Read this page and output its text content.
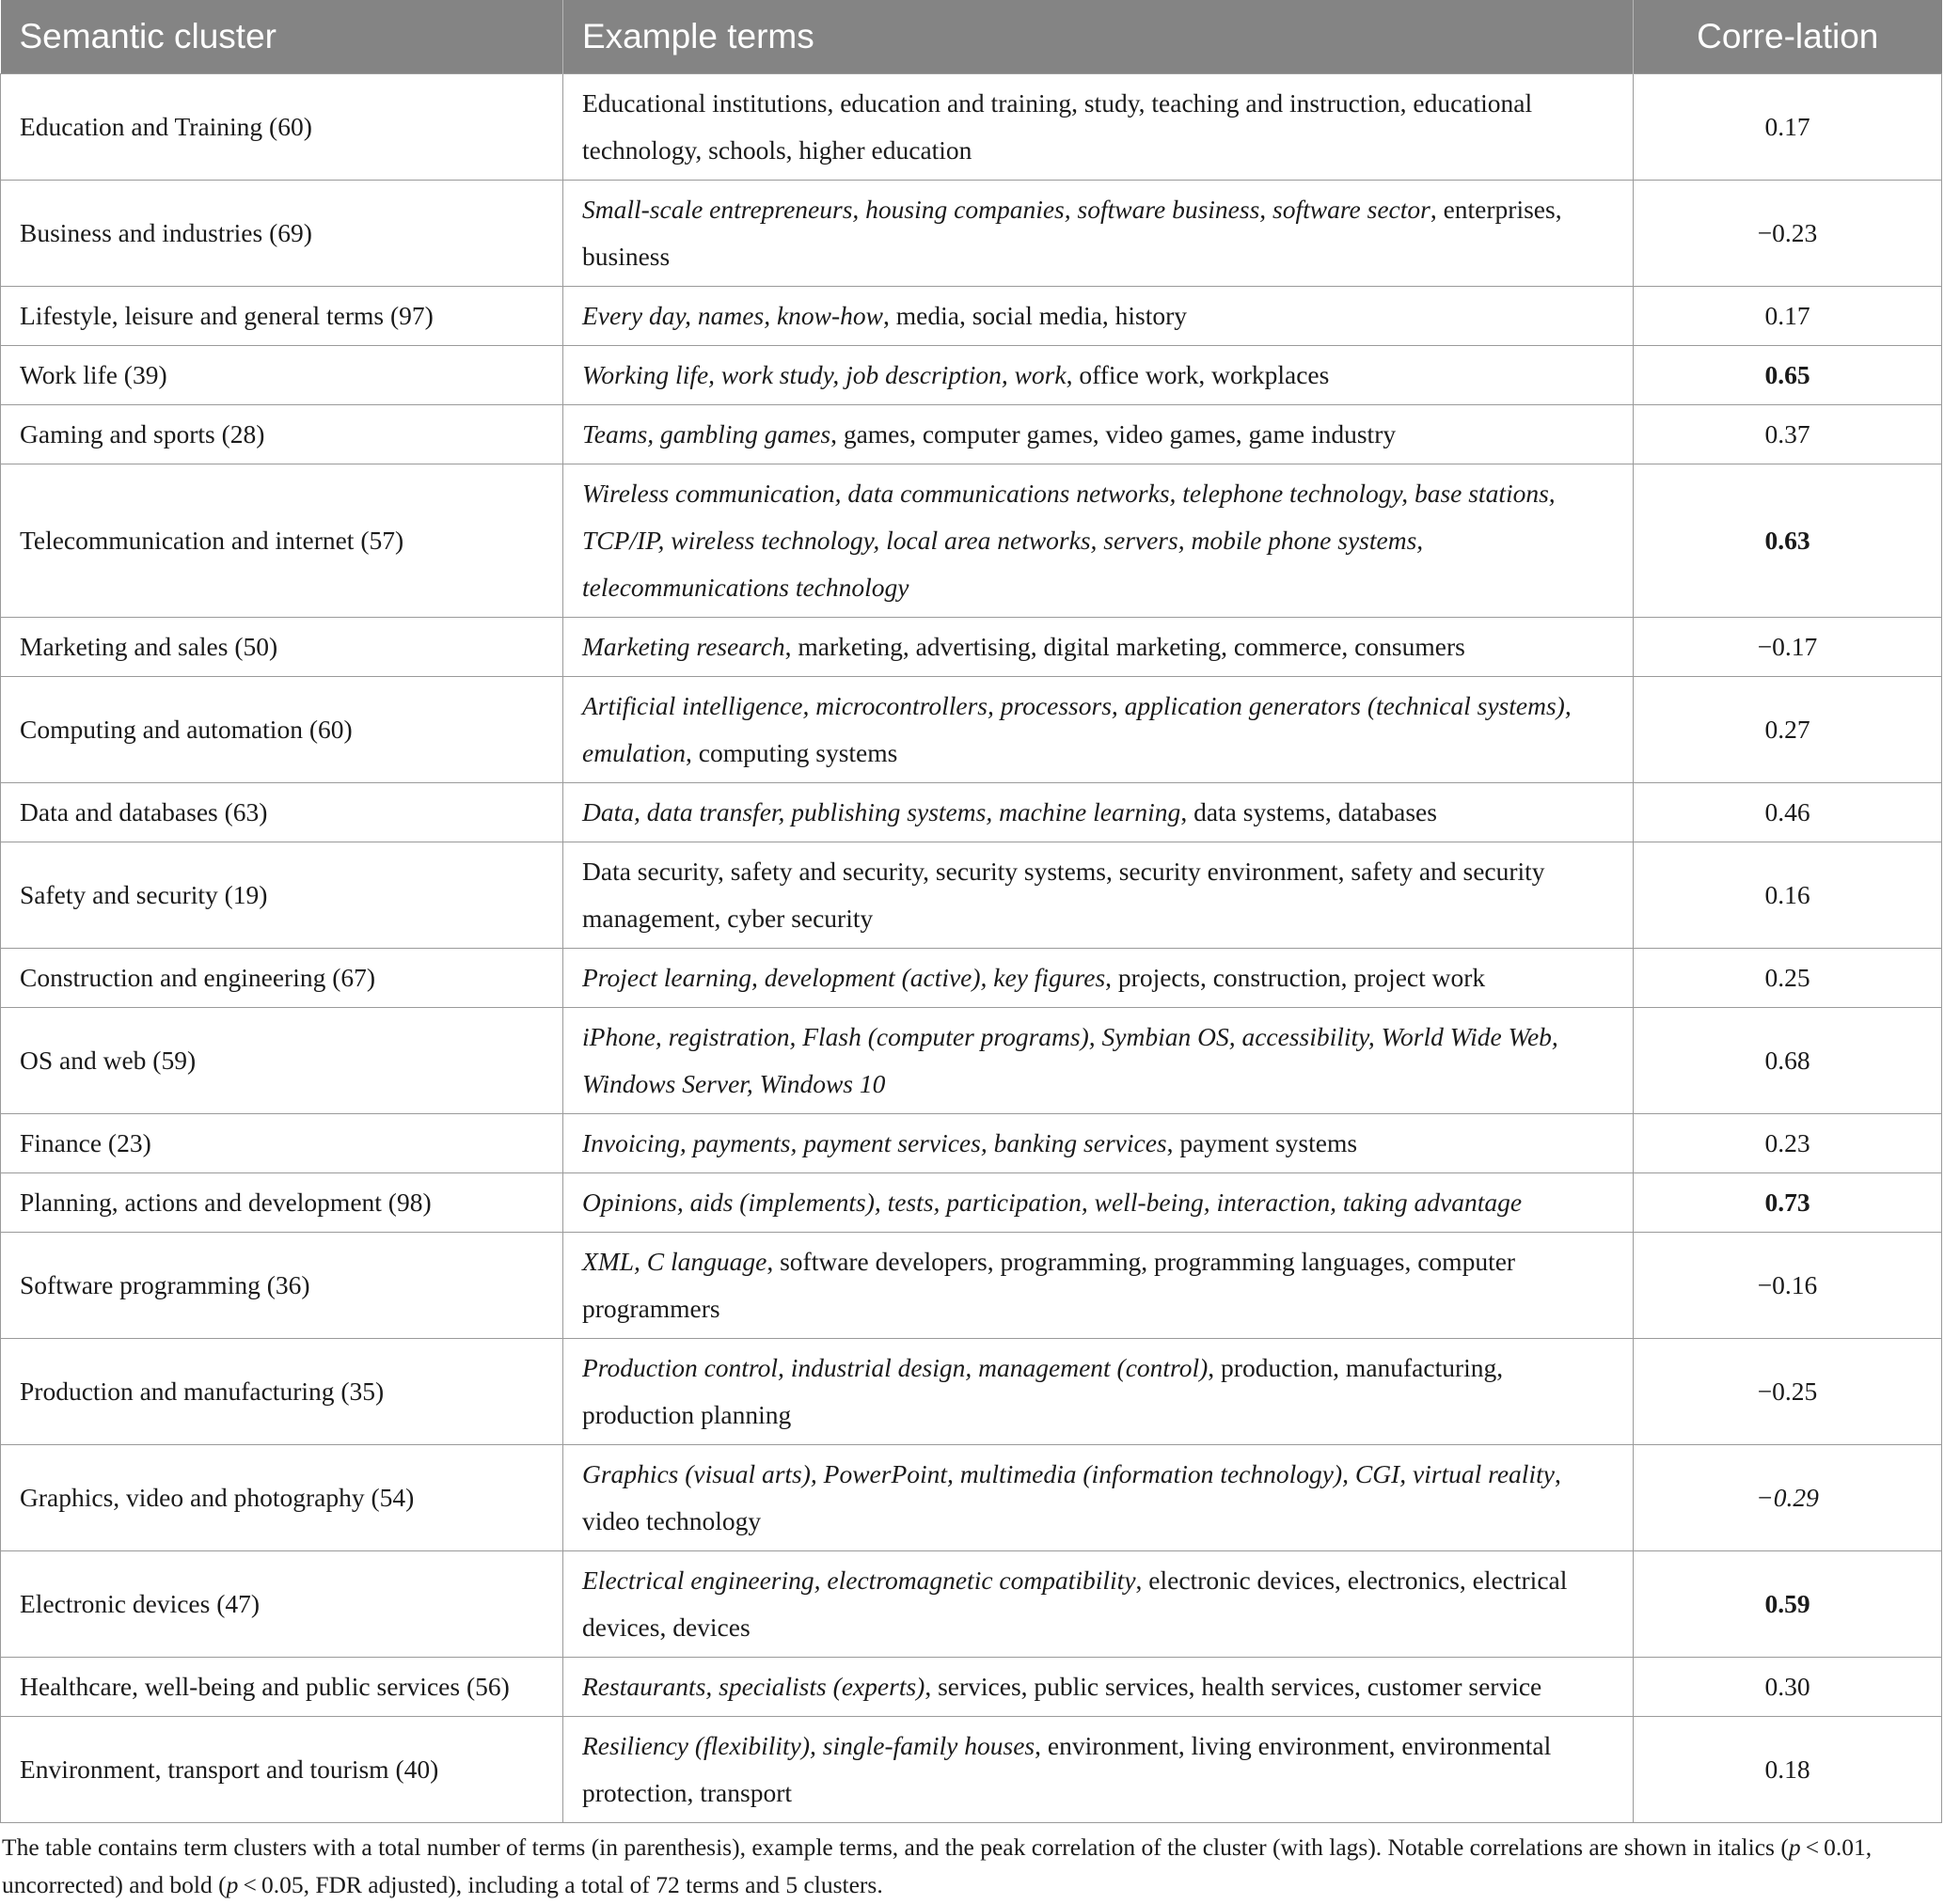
Semantic cluster	Example terms	Corre-lation
Education and Training (60)	Educational institutions, education and training, study, teaching and instruction, educational technology, schools, higher education	0.17
Business and industries (69)	Small-scale entrepreneurs, housing companies, software business, software sector, enterprises, business	−0.23
Lifestyle, leisure and general terms (97)	Every day, names, know-how, media, social media, history	0.17
Work life (39)	Working life, work study, job description, work, office work, workplaces	0.65
Gaming and sports (28)	Teams, gambling games, games, computer games, video games, game industry	0.37
Telecommunication and internet (57)	Wireless communication, data communications networks, telephone technology, base stations, TCP/IP, wireless technology, local area networks, servers, mobile phone systems, telecommunications technology	0.63
Marketing and sales (50)	Marketing research, marketing, advertising, digital marketing, commerce, consumers	−0.17
Computing and automation (60)	Artificial intelligence, microcontrollers, processors, application generators (technical systems), emulation, computing systems	0.27
Data and databases (63)	Data, data transfer, publishing systems, machine learning, data systems, databases	0.46
Safety and security (19)	Data security, safety and security, security systems, security environment, safety and security management, cyber security	0.16
Construction and engineering (67)	Project learning, development (active), key figures, projects, construction, project work	0.25
OS and web (59)	iPhone, registration, Flash (computer programs), Symbian OS, accessibility, World Wide Web, Windows Server, Windows 10	0.68
Finance (23)	Invoicing, payments, payment services, banking services, payment systems	0.23
Planning, actions and development (98)	Opinions, aids (implements), tests, participation, well-being, interaction, taking advantage	0.73
Software programming (36)	XML, C language, software developers, programming, programming languages, computer programmers	−0.16
Production and manufacturing (35)	Production control, industrial design, management (control), production, manufacturing, production planning	−0.25
Graphics, video and photography (54)	Graphics (visual arts), PowerPoint, multimedia (information technology), CGI, virtual reality, video technology	−0.29
Electronic devices (47)	Electrical engineering, electromagnetic compatibility, electronic devices, electronics, electrical devices, devices	0.59
Healthcare, well-being and public services (56)	Restaurants, specialists (experts), services, public services, health services, customer service	0.30
Environment, transport and tourism (40)	Resiliency (flexibility), single-family houses, environment, living environment, environmental protection, transport	0.18
The table contains term clusters with a total number of terms (in parenthesis), example terms, and the peak correlation of the cluster (with lags). Notable correlations are shown in italics (p < 0.01, uncorrected) and bold (p < 0.05, FDR adjusted), including a total of 72 terms and 5 clusters.
